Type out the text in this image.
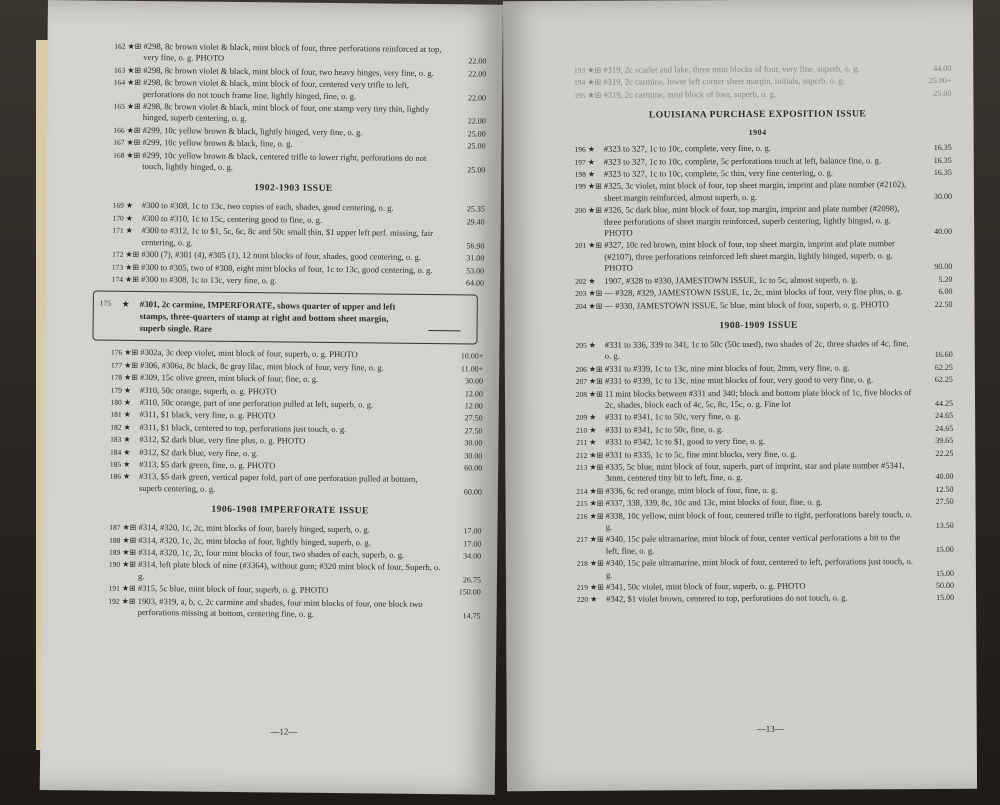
162 ★⊞ #298, 8c brown violet & black, mint block of four, three perforations reinforced at top, very fine, o. g. PHOTO	22.00
163 ★⊞ #298, 8c brown violet & black, mint block of four, two heavy hinges, very fine, o. g.	22.00
164 ★⊞ #298, 8c brown violet & black, mint block of four, centered very trifle to left, perforations do not touch frame line, lightly hinged, fine, o. g.	22.00
165 ★⊞ #298, 8c brown violet & black, mint block of four, one stamp very tiny thin, lightly hinged, superb centering, o. g.	22.00
166 ★⊞ #299, 10c yellow brown & black, lightly hinged, very fine, o. g.	25.00
167 ★⊞ #299, 10c yellow brown & black, fine, o. g.	25.00
168 ★⊞ #299, 10c yellow brown & black, centered trifle to lower right, perforations do not touch, lightly hinged, o. g.	25.00
1902-1903 ISSUE
169 ★ #300 to #308, 1c to 13c, two copies of each, shades, good centering, o. g.	25.35
170 ★ #300 to #310, 1c to 15c, centering good to fine, o. g.	29.40
171 ★ #300 to #312, 1c to $1, 5c, 6c, 8c and 50c small thin, $1 upper left perf. missing, fair centering, o. g.	56.90
172 ★⊞ #300 (7), #301 (4), #305 (1), 12 mint blocks of four, shades, good centering, o. g.	31.00
173 ★⊞ #300 to #305, two of #308, eight mint blocks of four, 1c to 13c, good centering, o. g.	53.00
174 ★⊞ #300 to #308, 1c to 13c, very fine, o. g.	64.00
175 ★ #301, 2c carmine, IMPERFORATE, shows quarter of upper and left stamps, three-quarters of stamp at right and bottom sheet margin, superb single. Rare
176 ★⊞ #302a, 3c deep violet, mint block of four, superb, o. g. PHOTO	10.00+
177 ★⊞ #306, #306a, 8c black, 8c gray lilac, mint block of four, very fine, o. g.	11.00+
178 ★⊞ #309, 15c olive green, mint block of four, fine, o. g.	30.00
179 ★ #310, 50c orange, superb, o. g. PHOTO	12.00
180 ★ #310, 50c orange, part of one perforation pulled at left, superb, o. g.	12.00
181 ★ #311, $1 black, very fine, o. g. PHOTO	27.50
182 ★ #311, $1 black, centered to top, perforations just touch, o. g.	27.50
183 ★ #312, $2 dark blue, very fine plus, o. g. PHOTO	30.00
184 ★ #312, $2 dark blue, very fine, o. g.	30.00
185 ★ #313, $5 dark green, fine, o. g. PHOTO	60.00
186 ★ #313, $5 dark green, vertical paper fold, part of one perforation pulled at bottom, superb centering, o. g.	60.00
1906-1908 IMPERFORATE ISSUE
187 ★⊞ #314, #320, 1c, 2c, mint blocks of four, barely hinged, superb, o. g.	17.00
188 ★⊞ #314, #320, 1c, 2c, mint blocks of four, lightly hinged, superb, o. g.	17.00
189 ★⊞ #314, #320, 1c, 2c, four mint blocks of four, two shades of each, superb, o. g.	34.00
190 ★⊞ #314, left plate block of nine (#3364), without gum; #320 mint block of four, Superb, o. g.	26.75
191 ★⊞ #315, 5c blue, mint block of four, superb, o. g. PHOTO	150.00
192 ★⊞ 1903, #319, a, b, c, 2c carmine and shades, four mint blocks of four, one block two perforations missing at bottom, centering fine, o. g.	14.75
—12—
193 ★⊞ #319, 2c scarlet and lake, three mint blocks of four, very fine, superb, o. g.	44.00
194 ★⊞ #319, 2c carmine, lower left corner sheet margin, initials, superb, o. g.	25.00+
195 ★⊞ #319, 2c carmine, mint block of four, superb, o. g.	25.00
LOUISIANA PURCHASE EXPOSITION ISSUE
1904
196 ★ #323 to 327, 1c to 10c, complete, very fine, o. g.	16.35
197 ★ #323 to 327, 1c to 10c, complete, 5c perforations touch at left, balance fine, o. g.	16.35
198 ★ #323 to 327, 1c to 10c, complete, 5c thin, very fine centering, o. g.	16.35
199 ★⊞ #325, 3c violet, mint block of four, top sheet margin, imprint and plate number (#2102), sheet margin reinforced, almost superb, o. g.	30.00
200 ★⊞ #326, 5c dark blue, mint block of four, top margin, imprint and plate number (#2098), three perforations of sheet margin reinforced, superb centering, lightly hinged, o. g. PHOTO	40.00
201 ★⊞ #327, 10c red brown, mint block of four, top sheet margin, imprint and plate number (#2107), three perforations reinforced left sheet margin, lightly hinged, superb, o. g. PHOTO	90.00
202 ★ 1907, #328 to #330, JAMESTOWN ISSUE, 1c to 5c, almost superb, o. g.	5.20
203 ★⊞ — #328, #329, JAMESTOWN ISSUE, 1c, 2c, mint blocks of four, very fine plus, o. g.	6.00
204 ★⊞ — #330, JAMESTOWN ISSUE, 5c blue, mint block of four, superb, o. g. PHOTO	22.50
1908-1909 ISSUE
205 ★ #331 to 336, 339 to 341, 1c to 50c (50c used), two shades of 2c, three shades of 4c, fine, o. g.	16.60
206 ★⊞ #331 to #339, 1c to 13c, nine mint blocks of four, 2mm, very fine, o. g.	62.25
207 ★⊞ #331 to #339, 1c to 13c, nine mint blocks of four, very good to very fine, o. g.	62.25
208 ★⊞ 11 mint blocks between #331 and 340; block and bottom plate block of 1c, five blocks of 2c, shades, block each of 4c, 5c, 8c, 15c, o. g. Fine lot	44.25
209 ★ #331 to #341, 1c to 50c, very fine, o. g.	24.65
210 ★ #331 to #341, 1c to 50c, fine, o. g.	24.65
211 ★ #331 to #342, 1c to $1, good to very fine, o. g.	39.65
212 ★⊞ #331 to #335, 1c to 5c, fine mint blocks, very fine, o. g.	22.25
213 ★⊞ #335, 5c blue, mint block of four, superb, part of imprint, star and plate number #5341, 3mm, centered tiny bit to left, fine, o. g.	40.00
214 ★⊞ #336, 6c red orange, mint block of four, fine, o. g.	12.50
215 ★⊞ #337, 338, 339, 8c, 10c and 13c, mint blocks of four, fine, o. g.	27.50
216 ★⊞ #338, 10c yellow, mint block of four, centered trifle to right, perforations barely touch, o. g.	13.50
217 ★⊞ #340, 15c pale ultramarine, mint block of four, center vertical perforations a bit to the left, fine, o. g.	15.00
218 ★⊞ #340, 15c pale ultramarine, mint block of four, centered to left, perforations just touch, o. g.	15.00
219 ★⊞ #341, 50c violet, mint block of four, superb, o. g. PHOTO	50.00
220 ★ #342, $1 violet brown, centered to top, perforations do not touch, o. g.	15.00
—13—
